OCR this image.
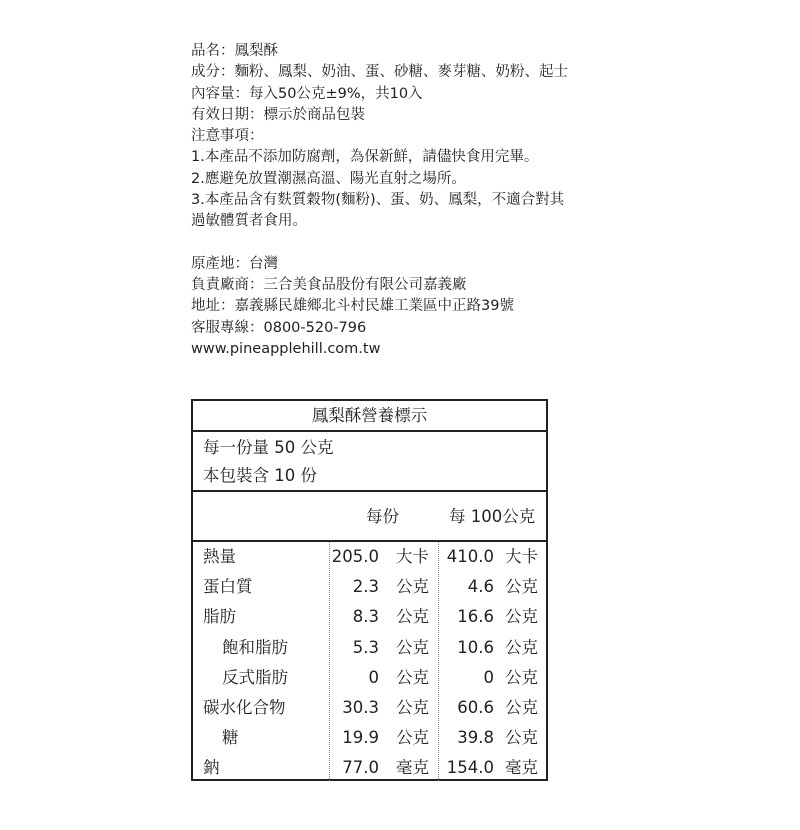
品名：鳳梨酥
成分：麵粉、鳳梨、奶油、蛋、砂糖、麥芽糖、奶粉、起士
內容量：每入50公克±9%，共10入
有效日期：標示於商品包裝
注意事項：
1.本產品不添加防腐劑，為保新鮮，請儘快食用完畢。
2.應避免放置潮濕高溫、陽光直射之場所。
3.本產品含有麩質穀物(麵粉)、蛋、奶、鳳梨，不適合對其
過敏體質者食用。
原產地：台灣
負責廠商：三合美食品股份有限公司嘉義廠
地址：嘉義縣民雄鄉北斗村民雄工業區中正路39號
客服專線：0800-520-796
www.pineapplehill.com.tw
鳳梨酥營養標示
每一份量 50 公克
本包裝含 10 份
每份	每 100公克
熱量	205.0 大卡 410.0 大卡
蛋白質	2.3 公克 4.6 公克
脂肪	8.3 公克 16.6 公克
飽和脂肪	5.3 公克 10.6 公克
反式脂肪	0 公克	0 公克
碳水化合物	30.3 公克 60.6 公克
糖	19.9 公克 39.8 公克
鈉	77.0 毫克 154.0 毫克
